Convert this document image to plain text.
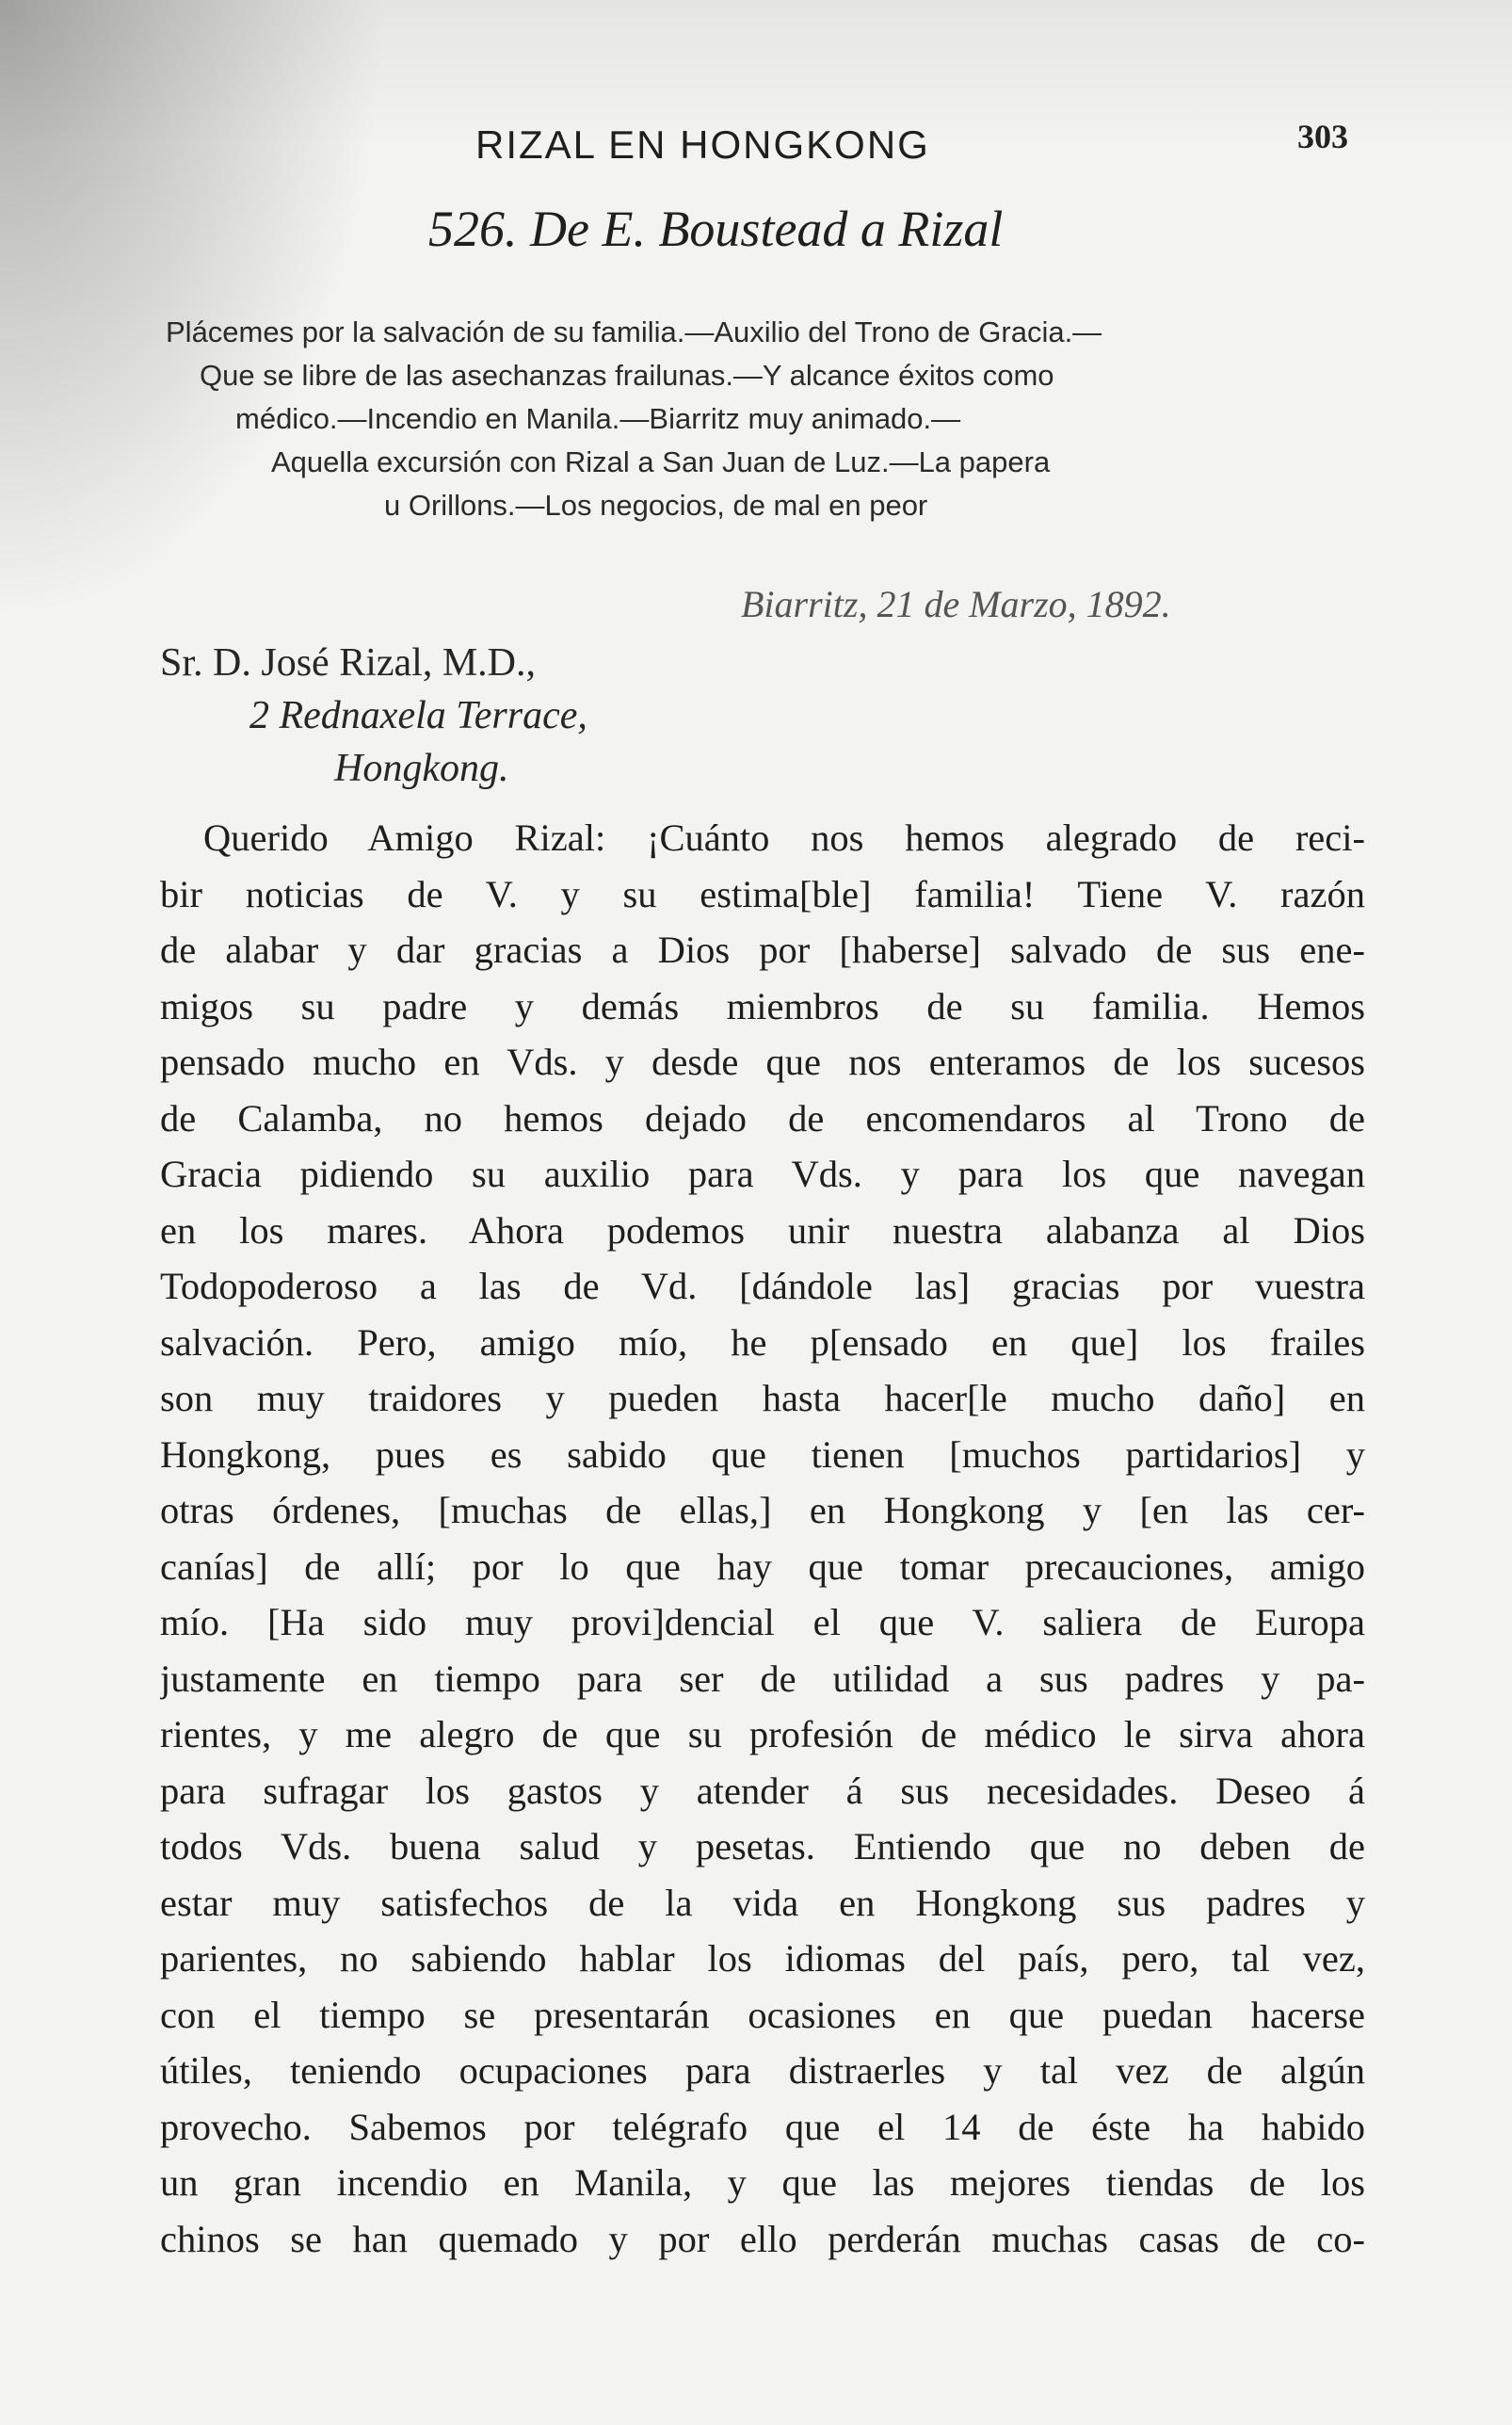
RIZAL EN HONGKONG	303
526. De E. Boustead a Rizal
Plácemes por la salvación de su familia.—Auxilio del Trono de Gracia.—
Que se libre de las asechanzas frailunas.—Y alcance éxitos como
médico.—Incendio en Manila.—Biarritz muy animado.—
Aquella excursión con Rizal a San Juan de Luz.—La papera
u Orillons.—Los negocios, de mal en peor
Biarritz, 21 de Marzo, 1892.
Sr. D. José Rizal, M.D.,
2 Rednaxela Terrace,
Hongkong.
Querido Amigo Rizal: ¡Cuánto nos hemos alegrado de reci-
bir noticias de V. y su estima[ble] familia! Tiene V. razón
de alabar y dar gracias a Dios por [haberse] salvado de sus ene-
migos su padre y demás miembros de su familia. Hemos
pensado mucho en Vds. y desde que nos enteramos de los sucesos
de Calamba, no hemos dejado de encomendaros al Trono de
Gracia pidiendo su auxilio para Vds. y para los que navegan
en los mares. Ahora podemos unir nuestra alabanza al Dios
Todopoderoso a las de Vd. [dándole las] gracias por vuestra
salvación. Pero, amigo mío, he p[ensado en que] los frailes
son muy traidores y pueden hasta hacer[le mucho daño] en
Hongkong, pues es sabido que tienen [muchos partidarios] y
otras órdenes, [muchas de ellas,] en Hongkong y [en las cer-
canías] de allí; por lo que hay que tomar precauciones, amigo
mío. [Ha sido muy provi]dencial el que V. saliera de Europa
justamente en tiempo para ser de utilidad a sus padres y pa-
rientes, y me alegro de que su profesión de médico le sirva ahora
para sufragar los gastos y atender á sus necesidades. Deseo á
todos Vds. buena salud y pesetas. Entiendo que no deben de
estar muy satisfechos de la vida en Hongkong sus padres y
parientes, no sabiendo hablar los idiomas del país, pero, tal vez,
con el tiempo se presentarán ocasiones en que puedan hacerse
útiles, teniendo ocupaciones para distraerles y tal vez de algún
provecho. Sabemos por telégrafo que el 14 de éste ha habido
un gran incendio en Manila, y que las mejores tiendas de los
chinos se han quemado y por ello perderán muchas casas de co-
